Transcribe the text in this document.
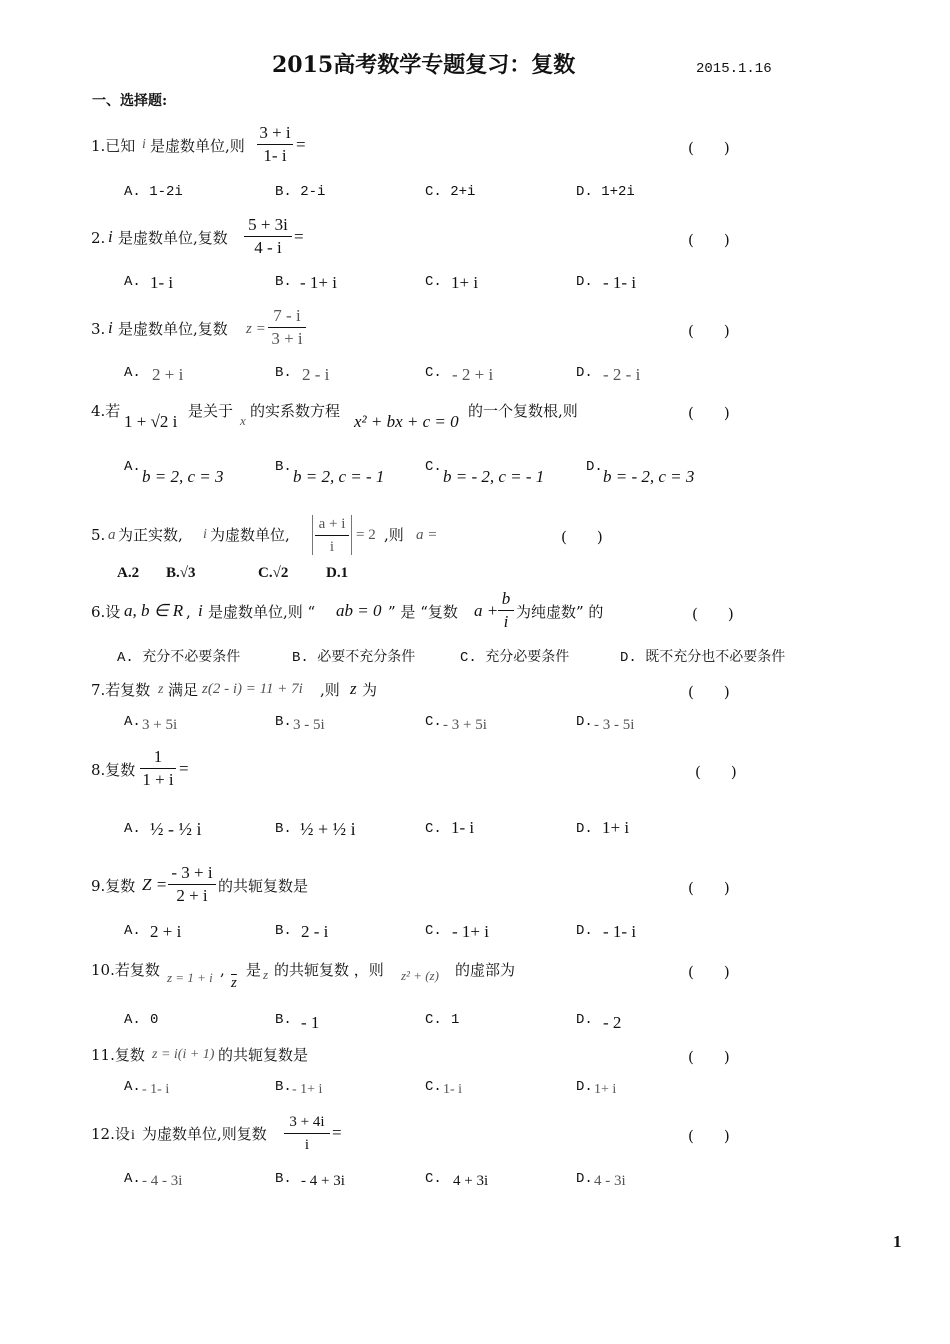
2015高考数学专题复习：复数	2015.1.16
一、选择题:
1.已知 i 是虚数单位,则 $\frac{3 + i}{1- i}$ =	(　　)
A. 1-2i	B. 2-i	C. 2+i	D. 1+2i
2. i 是虚数单位,复数 $\frac{5 + 3i}{4 - i}$ =	(　　)
A. 1- i	B. - 1+ i	C. 1+ i	D. - 1- i
3. i 是虚数单位,复数 $z = \frac{7 - i}{3 + i}$	(　　)
A. 2 + i	B. 2 - i	C. - 2 + i	D. - 2 - i
4.若
1 + √2 i
是关于
x
的实系数方程
x² + bx + c = 0
的一个复数根,则	(　　)
A. b = 2, c = 3	B. b = 2, c = - 1	C. b = - 2, c = - 1	D. b = - 2, c = 3
5. a 为正实数, i 为虚数单位, $\frac{a + i}{i} = 2$ ,则 a =	(　　)
A.2 B.√3	C.√2	D.1
6.设 a, b ∈ R , i 是虚数单位,则 “ ab = 0 ” 是 “复数 $a + \frac{b}{i}$ 为纯虚数” 的	(　　)
A. 充分不必要条件	B. 必要不充分条件	C. 充分必要条件	D. 既不充分也不必要条件
7.若复数 z 满足 z(2 - i) = 11 + 7i ,则 z 为	(　　)
A. 3 + 5i	B. 3 - 5i	C. - 3 + 5i	D. - 3 - 5i
8.复数 $\frac{1}{1 + i}$ =	(　　)
A. ½ - ½ i	B. ½ + ½ i	C. 1- i	D. 1+ i
9.复数 $Z = \frac{- 3 + i}{2 + i}$ 的共轭复数是	(　　)
A. 2 + i	B. 2 - i	C. - 1+ i	D. - 1- i
10.若复数 z = 1 + i ,
$\overline{z}$
是 z 的共轭复数 ，则 z² + (z) 的虚部为	(　　)
A. 0	B. - 1	C. 1	D. - 2
11.复数 z = i(i + 1) 的共轭复数是	(　　)
A. - 1- i	B. - 1+ i	C. 1- i	D. 1+ i
12.设 i 为虚数单位,则复数 $\frac{3 + 4i}{i}$ =	(　　)
A. - 4 - 3i	B. - 4 + 3i	C. 4 + 3i	D. 4 - 3i
1
